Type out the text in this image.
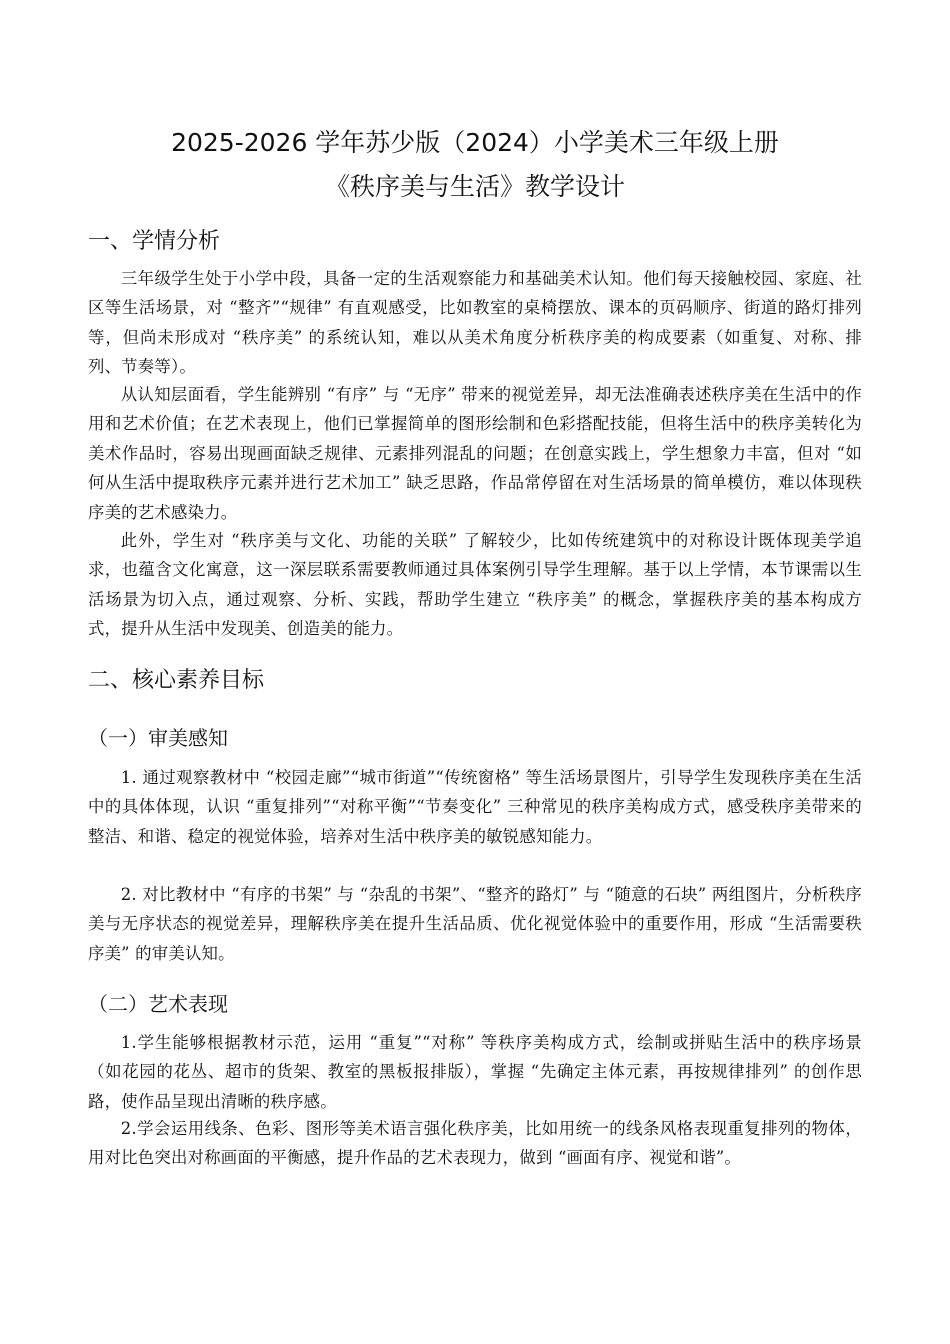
2025-2026 学年苏少版（2024）小学美术三年级上册
《秩序美与生活》教学设计
一、学情分析

三年级学生处于小学中段，具备一定的生活观察能力和基础美术认知。他们每天接触校园、家庭、社区等生活场景，对 “整齐”“规律” 有直观感受，比如教室的桌椅摆放、课本的页码顺序、街道的路灯排列等，但尚未形成对 “秩序美” 的系统认知，难以从美术角度分析秩序美的构成要素（如重复、对称、排列、节奏等）。

从认知层面看，学生能辨别 “有序” 与 “无序” 带来的视觉差异，却无法准确表述秩序美在生活中的作用和艺术价值；在艺术表现上，他们已掌握简单的图形绘制和色彩搭配技能，但将生活中的秩序美转化为美术作品时，容易出现画面缺乏规律、元素排列混乱的问题；在创意实践上，学生想象力丰富，但对 “如何从生活中提取秩序元素并进行艺术加工” 缺乏思路，作品常停留在对生活场景的简单模仿，难以体现秩序美的艺术感染力。

此外，学生对 “秩序美与文化、功能的关联” 了解较少，比如传统建筑中的对称设计既体现美学追求，也蕴含文化寓意，这一深层联系需要教师通过具体案例引导学生理解。基于以上学情，本节课需以生活场景为切入点，通过观察、分析、实践，帮助学生建立 “秩序美” 的概念，掌握秩序美的基本构成方式，提升从生活中发现美、创造美的能力。

二、核心素养目标
（一）审美感知

1. 通过观察教材中 “校园走廊”“城市街道”“传统窗格” 等生活场景图片，引导学生发现秩序美在生活中的具体体现，认识 “重复排列”“对称平衡”“节奏变化” 三种常见的秩序美构成方式，感受秩序美带来的整洁、和谐、稳定的视觉体验，培养对生活中秩序美的敏锐感知能力。

2. 对比教材中 “有序的书架” 与 “杂乱的书架”、“整齐的路灯” 与 “随意的石块” 两组图片，分析秩序美与无序状态的视觉差异，理解秩序美在提升生活品质、优化视觉体验中的重要作用，形成 “生活需要秩序美” 的审美认知。

（二）艺术表现

1.学生能够根据教材示范，运用 “重复”“对称” 等秩序美构成方式，绘制或拼贴生活中的秩序场景（如花园的花丛、超市的货架、教室的黑板报排版），掌握 “先确定主体元素，再按规律排列” 的创作思路，使作品呈现出清晰的秩序感。

2.学会运用线条、色彩、图形等美术语言强化秩序美，比如用统一的线条风格表现重复排列的物体，用对比色突出对称画面的平衡感，提升作品的艺术表现力，做到 “画面有序、视觉和谐”。
